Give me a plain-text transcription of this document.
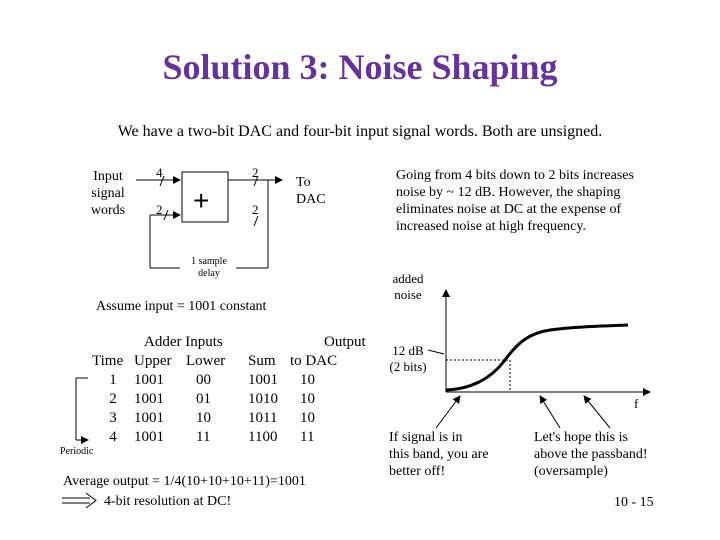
Solution 3: Noise Shaping
We have a two-bit DAC and four-bit input signal words. Both are unsigned.
Input
signal
words
4
2
2
2
+
To
DAC
1 sample
delay
Assume input = 1001 constant
	Adder Inputs			Output
Time	Upper	Lower	Sum	to DAC
1	1001	00	1001	10
2	1001	01	1010	10
3	1001	10	1011	10
4	1001	11	1100	11
Periodic
Average output = 1/4(10+10+10+11)=1001
4-bit resolution at DC!
Going from 4 bits down to 2 bits increases
noise by ~ 12 dB. However, the shaping
eliminates noise at DC at the expense of
increased noise at high frequency.
added
noise
12 dB
(2 bits)
f
If signal is in
this band, you are
better off!
Let's hope this is
above the passband!
(oversample)
10 - 15
